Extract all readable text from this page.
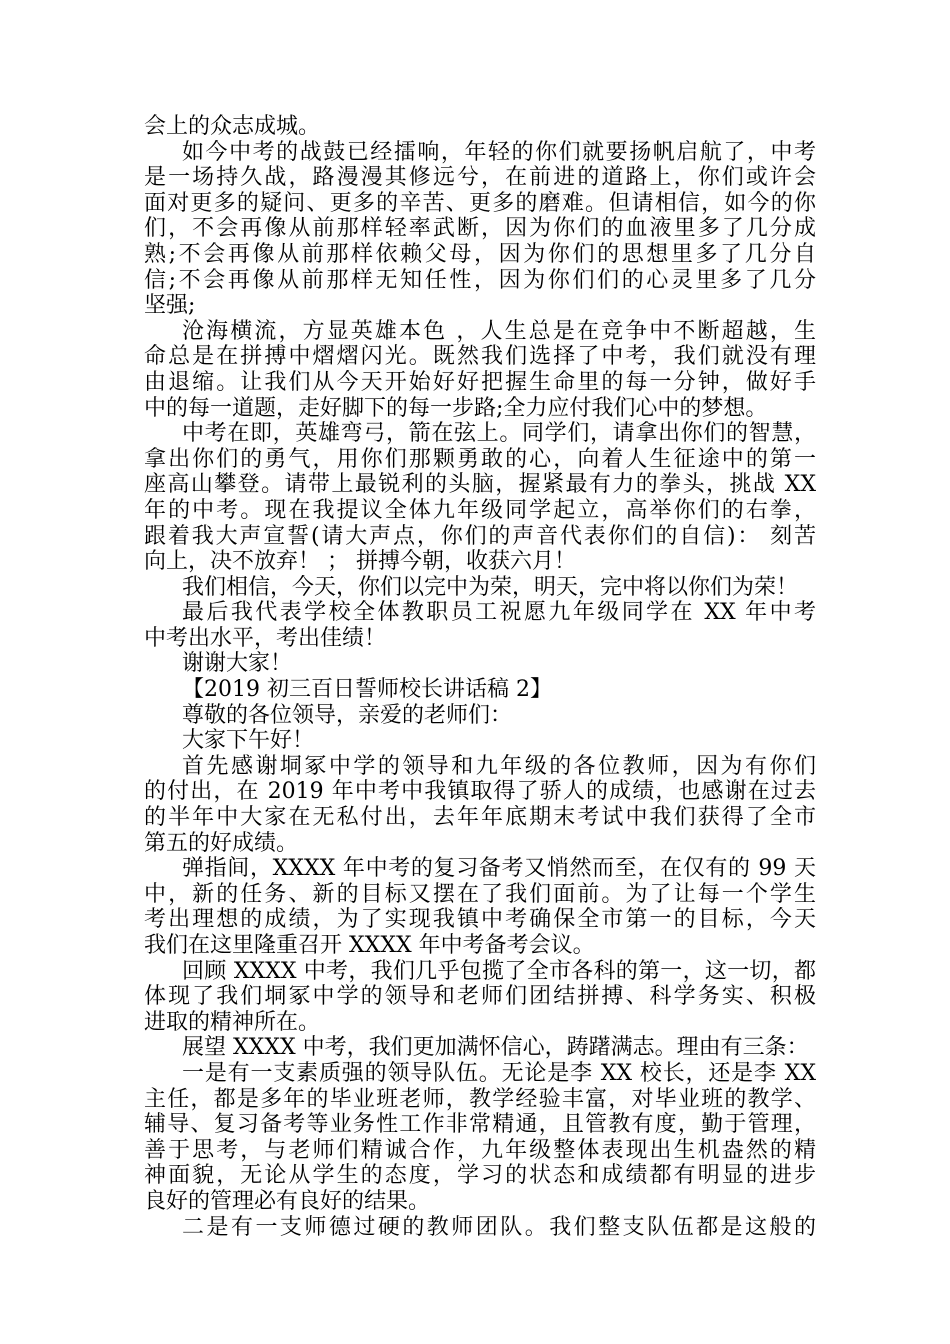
会上的众志成城。
如今中考的战鼓已经擂响，年轻的你们就要扬帆启航了，中考
是一场持久战，路漫漫其修远兮，在前进的道路上，你们或许会
面对更多的疑问、更多的辛苦、更多的磨难。但请相信，如今的你
们，不会再像从前那样轻率武断，因为你们的血液里多了几分成
熟;不会再像从前那样依赖父母，因为你们的思想里多了几分自
信;不会再像从前那样无知任性，因为你们们的心灵里多了几分
坚强;
沧海横流，方显英雄本色 ，人生总是在竞争中不断超越，生
命总是在拼搏中熠熠闪光。既然我们选择了中考，我们就没有理
由退缩。让我们从今天开始好好把握生命里的每一分钟，做好手
中的每一道题，走好脚下的每一步路;全力应付我们心中的梦想。
中考在即，英雄弯弓，箭在弦上。同学们，请拿出你们的智慧，
拿出你们的勇气，用你们那颗勇敢的心，向着人生征途中的第一
座高山攀登。请带上最锐利的头脑，握紧最有力的拳头，挑战 XX
年的中考。现在我提议全体九年级同学起立，高举你们的右拳，
跟着我大声宣誓(请大声点，你们的声音代表你们的自信)： 刻苦
向上，决不放弃！ ； 拼搏今朝，收获六月！
我们相信，今天，你们以完中为荣，明天，完中将以你们为荣！
最后我代表学校全体教职员工祝愿九年级同学在 XX 年中考
中考出水平，考出佳绩！
谢谢大家！
【2019 初三百日誓师校长讲话稿 2】
尊敬的各位领导，亲爱的老师们：
大家下午好！
首先感谢垌冢中学的领导和九年级的各位教师，因为有你们
的付出，在 2019 年中考中我镇取得了骄人的成绩，也感谢在过去
的半年中大家在无私付出，去年年底期末考试中我们获得了全市
第五的好成绩。
弹指间，XXXX 年中考的复习备考又悄然而至，在仅有的 99 天
中，新的任务、新的目标又摆在了我们面前。为了让每一个学生
考出理想的成绩，为了实现我镇中考确保全市第一的目标，今天
我们在这里隆重召开 XXXX 年中考备考会议。
回顾 XXXX 中考，我们几乎包揽了全市各科的第一，这一切，都
体现了我们垌冢中学的领导和老师们团结拼搏、科学务实、积极
进取的精神所在。
展望 XXXX 中考，我们更加满怀信心，踌躇满志。理由有三条：
一是有一支素质强的领导队伍。无论是李 XX 校长，还是李 XX
主任，都是多年的毕业班老师，教学经验丰富，对毕业班的教学、
辅导、复习备考等业务性工作非常精通，且管教有度，勤于管理，
善于思考，与老师们精诚合作，九年级整体表现出生机盎然的精
神面貌，无论从学生的态度，学习的状态和成绩都有明显的进步
良好的管理必有良好的结果。
二是有一支师德过硬的教师团队。我们整支队伍都是这般的
